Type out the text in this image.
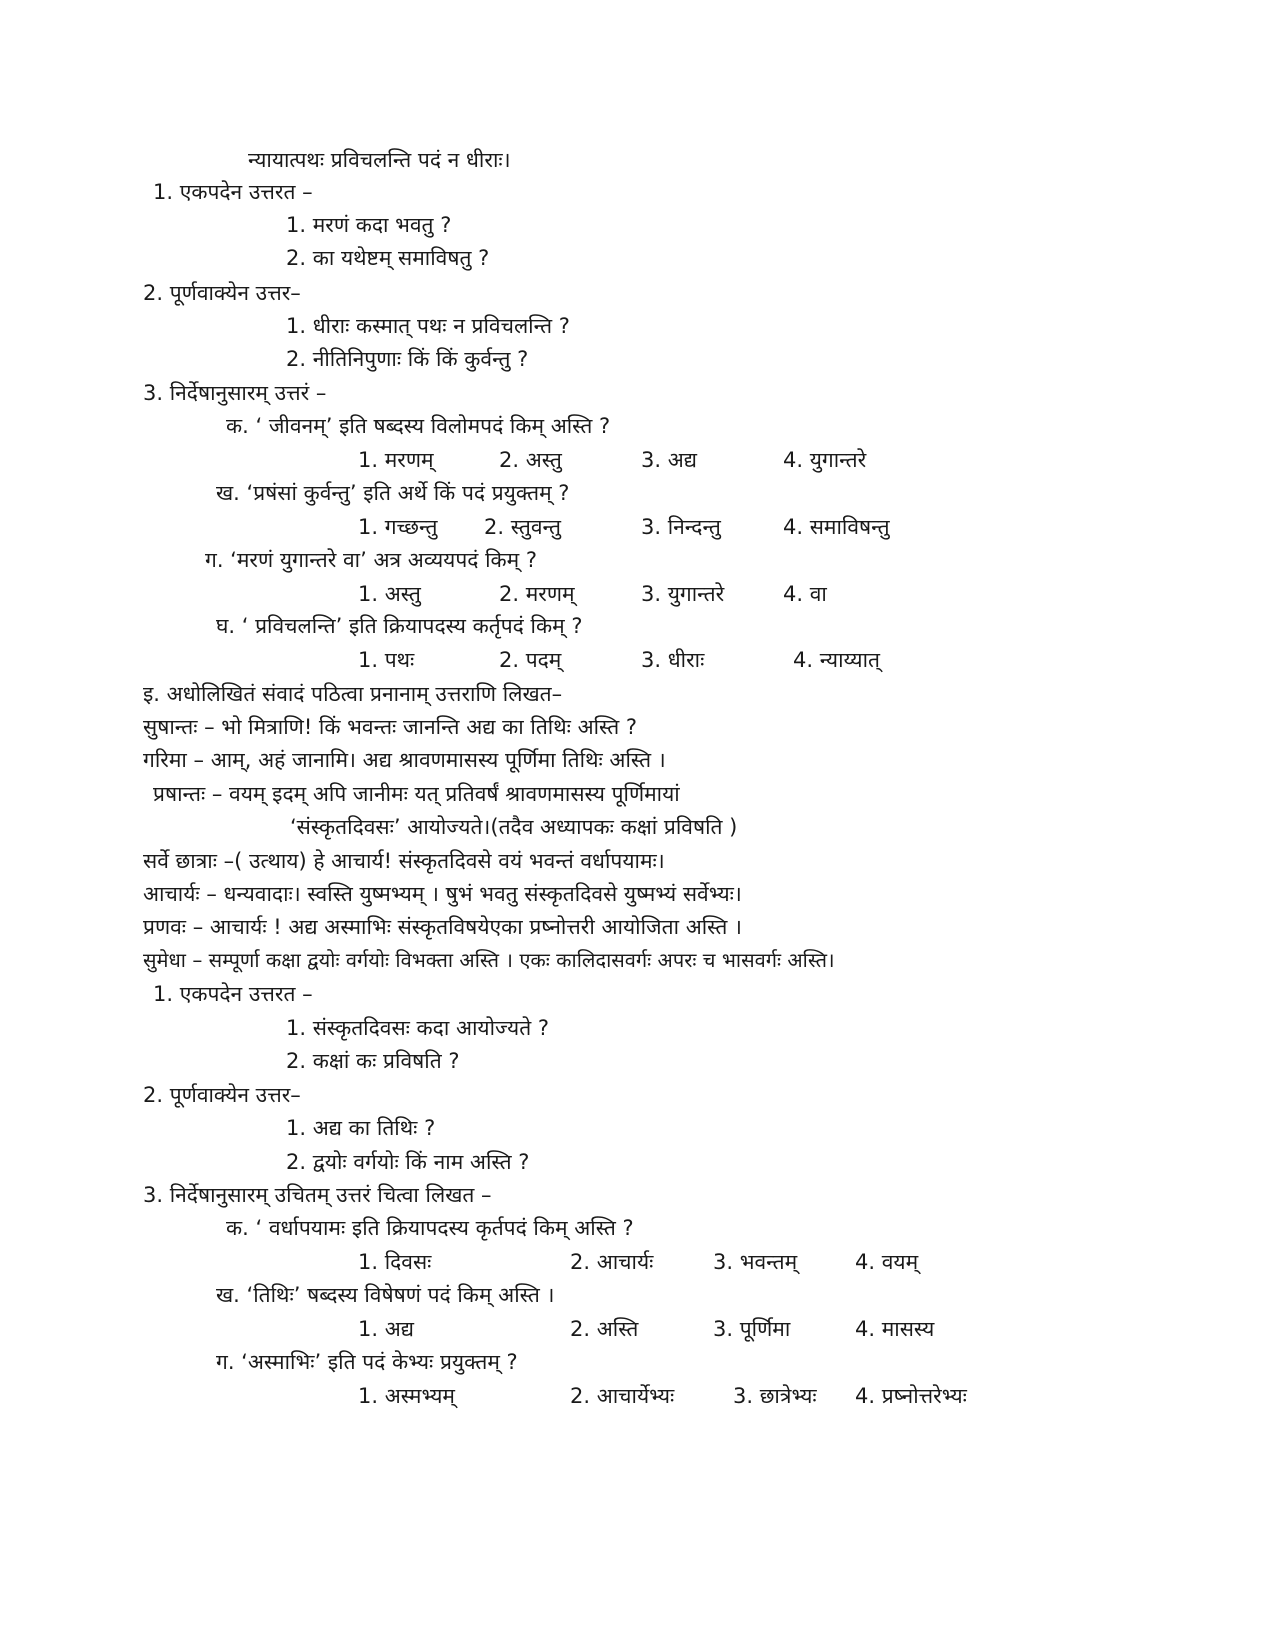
न्यायात्पथः प्रविचलन्ति पदं न धीराः।
1. एकपदेन उत्तरत –
1. मरणं कदा भवतु ?
2. का यथेष्टम् समाविषतु ?
2. पूर्णवाक्येन उत्तर–
1. धीराः कस्मात् पथः न प्रविचलन्ति ?
2. नीतिनिपुणाः किं किं कुर्वन्तु ?
3. निर्देषानुसारम् उत्तरं –
क. ‘ जीवनम्’ इति षब्दस्य विलोमपदं किम् अस्ति ?
1. मरणम्	2. अस्तु	3. अद्य	4. युगान्तरे
ख. ‘प्रषंसां कुर्वन्तु’ इति अर्थे किं पदं प्रयुक्तम् ?
1. गच्छन्तु 2. स्तुवन्तु	3. निन्दन्तु	4. समाविषन्तु
ग. ‘मरणं युगान्तरे वा’ अत्र अव्ययपदं किम् ?
1. अस्तु	2. मरणम्	3. युगान्तरे	4. वा
घ. ‘ प्रविचलन्ति’ इति क्रियापदस्य कर्तृपदं किम् ?
1. पथः	2. पदम्	3. धीराः	4. न्याय्यात्
इ. अधोलिखितं संवादं पठित्वा प्रनानाम् उत्तराणि लिखत–
सुषान्तः – भो मित्राणि! किं भवन्तः जानन्ति अद्य का तिथिः अस्ति ?
गरिमा – आम्, अहं जानामि। अद्य श्रावणमासस्य पूर्णिमा तिथिः अस्ति ।
प्रषान्तः – वयम् इदम् अपि जानीमः यत् प्रतिवर्षं श्रावणमासस्य पूर्णिमायां
‘संस्कृतदिवसः’ आयोज्यते।(तदैव अध्यापकः कक्षां प्रविषति )
सर्वे छात्राः –( उत्थाय) हे आचार्य! संस्कृतदिवसे वयं भवन्तं वर्धापयामः।
आचार्यः – धन्यवादाः। स्वस्ति युष्मभ्यम् । षुभं भवतु संस्कृतदिवसे युष्मभ्यं सर्वेभ्यः।
प्रणवः – आचार्यः ! अद्य अस्माभिः संस्कृतविषयेएका प्रष्नोत्तरी आयोजिता अस्ति ।
सुमेधा – सम्पूर्णा कक्षा द्वयोः वर्गयोः विभक्ता अस्ति । एकः कालिदासवर्गः अपरः च भासवर्गः अस्ति।
1. एकपदेन उत्तरत –
1. संस्कृतदिवसः कदा आयोज्यते ?
2. कक्षां कः प्रविषति ?
2. पूर्णवाक्येन उत्तर–
1. अद्य का तिथिः ?
2. द्वयोः वर्गयोः किं नाम अस्ति ?
3. निर्देषानुसारम् उचितम् उत्तरं चित्वा लिखत –
क. ‘ वर्धापयामः इति क्रियापदस्य कृर्तपदं किम् अस्ति ?
1. दिवसः	2. आचार्यः	3. भवन्तम्	4. वयम्
ख. ‘तिथिः’ षब्दस्य विषेषणं पदं किम् अस्ति ।
1. अद्य	2. अस्ति	3. पूर्णिमा	4. मासस्य
ग. ‘अस्माभिः’ इति पदं केभ्यः प्रयुक्तम् ?
1. अस्मभ्यम्	2. आचार्येभ्यः	3. छात्रेभ्यः 4. प्रष्नोत्तरेभ्यः
